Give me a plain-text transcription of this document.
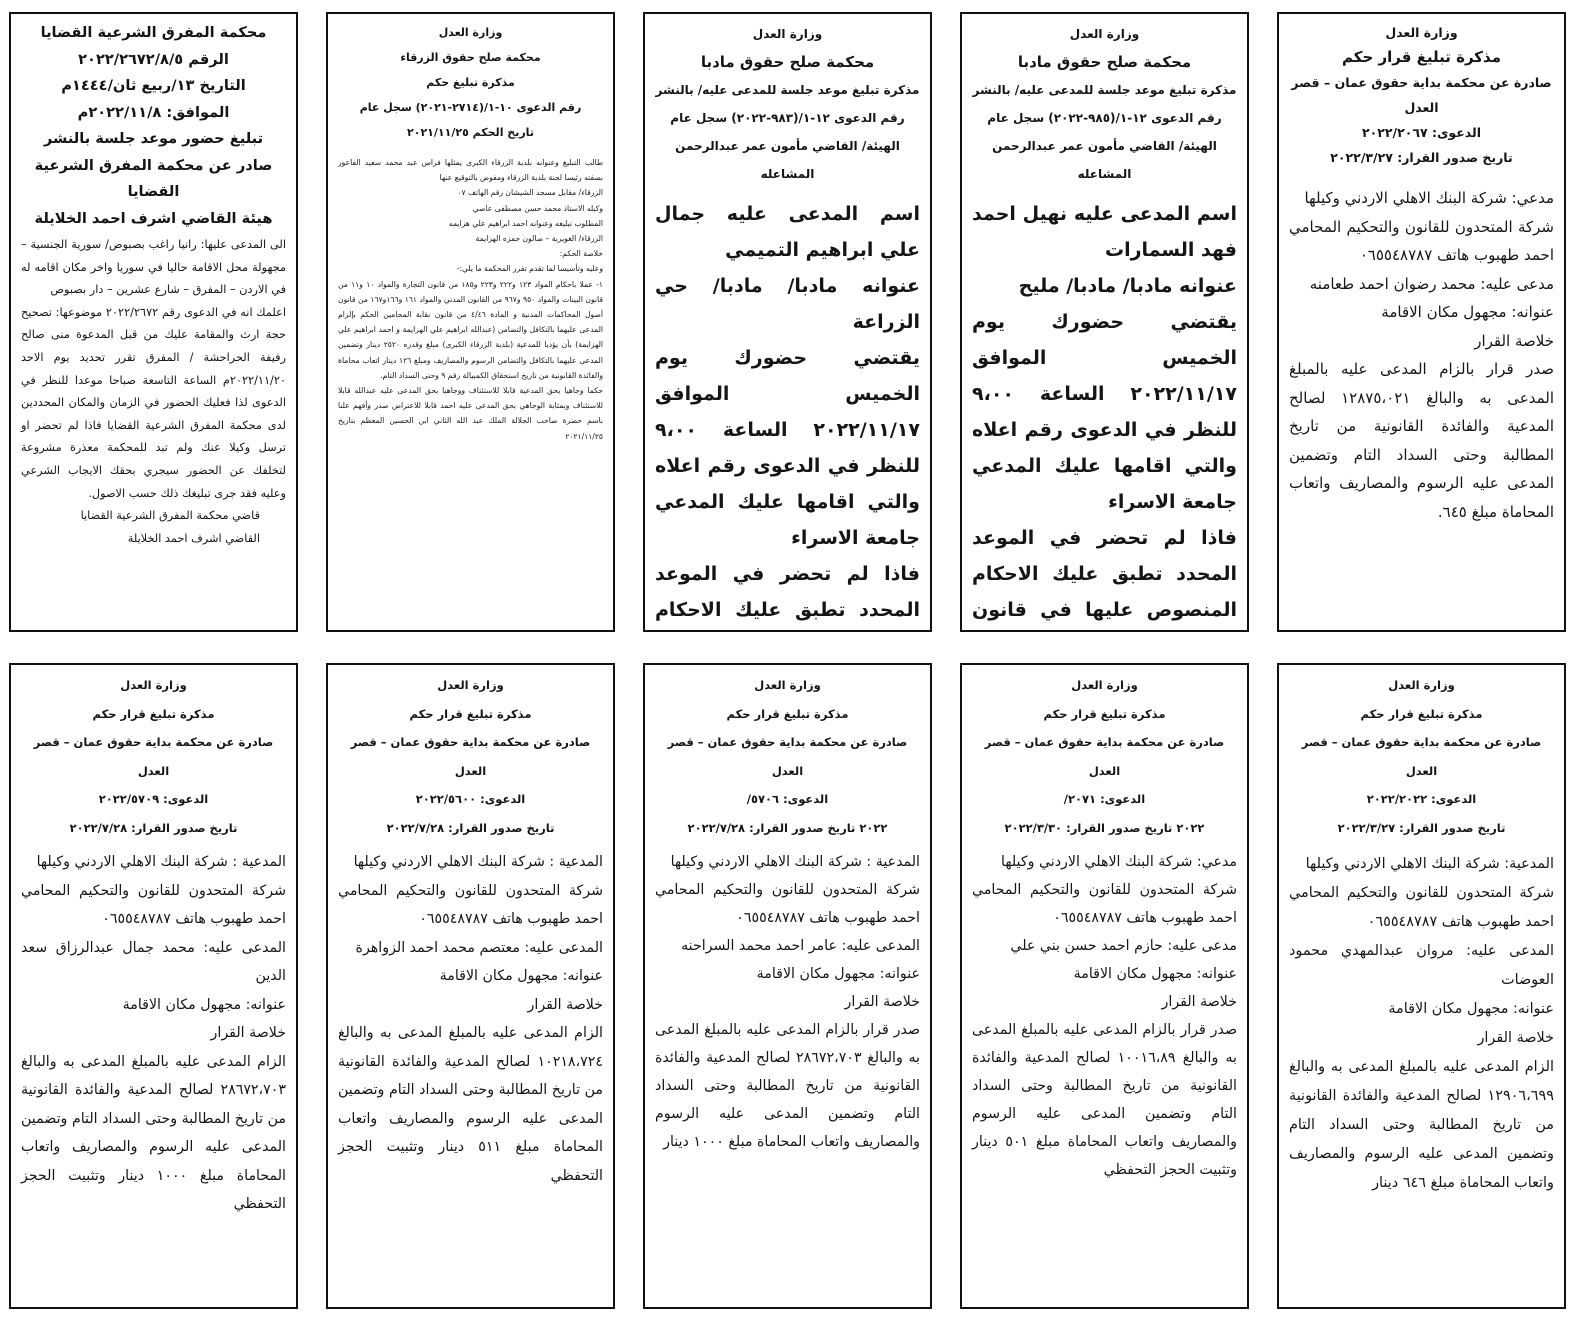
وزارة العدل

مذكرة تبليغ قرار حكم

صادرة عن محكمة بداية حقوق عمان – قصر العدل

الدعوى: ٢٠٢٢/٢٠٦٧

تاريخ صدور القرار: ٢٠٢٢/٣/٢٧

مدعي: شركة البنك الاهلي الاردني وكيلها

شركة المتحدون للقانون والتحكيم المحامي احمد طهبوب هاتف ٠٦٥٥٤٨٧٨٧

مدعى عليه: محمد رضوان احمد طعامنه

عنوانه: مجهول مكان الاقامة

خلاصة القرار

صدر قرار بالزام المدعى عليه بالمبلغ المدعى به والبالغ ١٢٨٧٥،٠٢١ لصالح المدعية والفائدة القانونية من تاريخ المطالبة وحتى السداد التام وتضمين المدعى عليه الرسوم والمصاريف واتعاب المحاماة مبلغ ٦٤٥.

وزارة العدل

محكمة صلح حقوق مادبا

مذكرة تبليغ موعد جلسة للمدعى عليه/ بالنشر

رقم الدعوى ١٢-١/(٩٨٥-٢٠٢٢) سجل عام

الهيئة/ القاضي مأمون عمر عبدالرحمن المشاعله

اسم المدعى عليه نهيل احمد فهد السمارات

عنوانه مادبا/ مادبا/ مليح

يقتضي حضورك يوم الخميس الموافق ٢٠٢٢/١١/١٧ الساعة ٩،٠٠ للنظر في الدعوى رقم اعلاه والتي اقامها عليك المدعي جامعة الاسراء

فاذا لم تحضر في الموعد المحدد تطبق عليك الاحكام المنصوص عليها في قانون

وزارة العدل

محكمة صلح حقوق مادبا

مذكرة تبليغ موعد جلسة للمدعى عليه/ بالنشر

رقم الدعوى ١٢-١/(٩٨٣-٢٠٢٢) سجل عام

الهيئة/ القاضي مأمون عمر عبدالرحمن المشاعله

اسم المدعى عليه جمال علي ابراهيم التميمي

عنوانه مادبا/ مادبا/ حي الزراعة

يقتضي حضورك يوم الخميس الموافق ٢٠٢٢/١١/١٧ الساعة ٩،٠٠ للنظر في الدعوى رقم اعلاه والتي اقامها عليك المدعي جامعة الاسراء

فاذا لم تحضر في الموعد المحدد تطبق عليك الاحكام

وزارة العدل

محكمة صلح حقوق الزرقاء

مذكرة تبليغ حكم

رقم الدعوى ١٠-١/(٢٧١٤-٢٠٢١) سجل عام

تاريخ الحكم ٢٠٢١/١١/٢٥

طالب التبليغ وعنوانه بلدية الزرقاء الكبرى يمثلها فراس عبد محمد سعيد الفاعور بصفته رئيسا لجنة بلدية الزرقاء ومفوض بالتوقيع عنها

الزرقاء/ مقابل مسجد الشيشان رقم الهاتف ٠٧

وكيله الاستاذ محمد حسن مصطفى عاصي

المطلوب تبليغه وعنوانه احمد ابراهيم علي هزايمه

الزرقاء/ الغويرية – صالون حمزه الهزايمة

خلاصة الحكم:

وعليه وتأسيسا لما تقدم تقرر المحكمة ما يلي:-

١- عملا باحكام المواد ١٢٣ و٢٢٢ و٢٢٣ و١٨٥ من قانون التجارة والمواد ١٠ و١١ من قانون البينات والمواد ٩٥٠ و٩٦٧ من القانون المدني والمواد ١٦١ و١٦٦و١٦٧ من قانون أصول المحاكمات المدنية و المادة ٤/٤٦ من قانون نقابة المحامين الحكم بإلزام المدعى عليهما بالتكافل والتضامن (عبدالله ابراهيم علي الهزايمة و احمد ابراهيم علي الهزايمة) بأن يؤديا للمدعية (بلدية الزرقاء الكبرى) مبلغ وقدره ٢٥٢٠ دينار وتضمين المدعى عليهما بالتكافل والتضامن الرسوم والمصاريف ومبلغ ١٢٦ دينار اتعاب محاماة والفائدة القانونية من تاريخ استحقاق الكمبيالة رقم ٩ وحتى السداد التام.

حكما وجاهيا بحق المدعية قابلا للاستئناف ووجاهيا بحق المدعى عليه عبدالله قابلا للاستئناف وبمثابة الوجاهي بحق المدعى عليه احمد قابلا للاعتراض صدر وأفهم علنا باسم حضرة صاحب الجلالة الملك عبد الله الثاني ابن الحسين المعظم بتاريخ ٢٠٢١/١١/٢٥

محكمة المفرق الشرعية القضايا

الرقم ٢٠٢٢/٢٦٧٢/٨/٥

التاريخ ١٣/ربيع ثان/١٤٤٤م

الموافق: ٢٠٢٢/١١/٨م

تبليغ حضور موعد جلسة بالنشر

صادر عن محكمة المفرق الشرعية القضايا

هيئة القاضي اشرف احمد الخلايلة

الى المدعى عليها: رانيا راغب بصبوص/ سورية الجنسية – مجهولة محل الاقامة حاليا في سوريا واخر مكان اقامه له في الاردن – المفرق – شارع عشرين – دار بصبوص

اعلمك انه في الدعوى رقم ٢٠٢٢/٢٦٧٢ موضوعها: تصحيح حجة ارث والمقامة عليك من قبل المدعوة منى صالح رفيفة الحراحشة / المفرق تقرر تحديد يوم الاحد ٢٠٢٢/١١/٢٠م الساعة التاسعة صباحا موعدا للنظر في الدعوى لذا فعليك الحضور في الزمان والمكان المحددين لدى محكمة المفرق الشرعية القضايا فاذا لم تحضر او ترسل وكيلا عنك ولم تبد للمحكمة معذرة مشروعة لتخلفك عن الحضور سيجري بحقك الايجاب الشرعي وعليه فقد جرى تبليغك ذلك حسب الاصول.

قاضي محكمة المفرق الشرعية القضايا

القاضي اشرف احمد الخلايلة

وزارة العدل

مذكرة تبليغ قرار حكم

صادرة عن محكمة بداية حقوق عمان – قصر العدل

الدعوى: ٢٠٢٢/٢٠٢٢

تاريخ صدور القرار: ٢٠٢٢/٣/٢٧

المدعية: شركة البنك الاهلي الاردني وكيلها

شركة المتحدون للقانون والتحكيم المحامي احمد طهبوب هاتف ٠٦٥٥٤٨٧٨٧

المدعى عليه: مروان عبدالمهدي محمود العوضات

عنوانه: مجهول مكان الاقامة

خلاصة القرار

الزام المدعى عليه بالمبلغ المدعى به والبالغ ١٢٩٠٦،٦٩٩ لصالح المدعية والفائدة القانونية من تاريخ المطالبة وحتى السداد التام وتضمين المدعى عليه الرسوم والمصاريف واتعاب المحاماة مبلغ ٦٤٦ دينار

وزارة العدل

مذكرة تبليغ قرار حكم

صادرة عن محكمة بداية حقوق عمان – قصر العدل

الدعوى: ٢٠٧١/

٢٠٢٢ تاريخ صدور القرار: ٢٠٢٢/٣/٣٠

مدعي: شركة البنك الاهلي الاردني وكيلها

شركة المتحدون للقانون والتحكيم المحامي احمد طهبوب هاتف ٠٦٥٥٤٨٧٨٧

مدعى عليه: حازم احمد حسن بني علي

عنوانه: مجهول مكان الاقامة

خلاصة القرار

صدر قرار بالزام المدعى عليه بالمبلغ المدعى به والبالغ ١٠٠١٦،٨٩ لصالح المدعية والفائدة القانونية من تاريخ المطالبة وحتى السداد التام وتضمين المدعى عليه الرسوم والمصاريف واتعاب المحاماة مبلغ ٥٠١ دينار وتثبيت الحجز التحفظي

وزارة العدل

مذكرة تبليغ قرار حكم

صادرة عن محكمة بداية حقوق عمان – قصر العدل

الدعوى: ٥٧٠٦/

٢٠٢٢ تاريخ صدور القرار: ٢٠٢٢/٧/٢٨

المدعية : شركة البنك الاهلي الاردني وكيلها

شركة المتحدون للقانون والتحكيم المحامي احمد طهبوب هاتف ٠٦٥٥٤٨٧٨٧

المدعى عليه: عامر احمد محمد السراحنه

عنوانه: مجهول مكان الاقامة

خلاصة القرار

صدر قرار بالزام المدعى عليه بالمبلغ المدعى به والبالغ ٢٨٦٧٢،٧٠٣ لصالح المدعية والفائدة القانونية من تاريخ المطالبة وحتى السداد التام وتضمين المدعى عليه الرسوم والمصاريف واتعاب المحاماة مبلغ ١٠٠٠ دينار

وزارة العدل

مذكرة تبليغ قرار حكم

صادرة عن محكمة بداية حقوق عمان – قصر العدل

الدعوى: ٢٠٢٢/٥٦٠٠

تاريخ صدور القرار: ٢٠٢٢/٧/٢٨

المدعية : شركة البنك الاهلي الاردني وكيلها

شركة المتحدون للقانون والتحكيم المحامي احمد طهبوب هاتف ٠٦٥٥٤٨٧٨٧

المدعى عليه: معتصم محمد احمد الزواهرة

عنوانه: مجهول مكان الاقامة

خلاصة القرار

الزام المدعى عليه بالمبلغ المدعى به والبالغ ١٠٢١٨،٧٢٤ لصالح المدعية والفائدة القانونية من تاريخ المطالبة وحتى السداد التام وتضمين المدعى عليه الرسوم والمصاريف واتعاب المحاماة مبلغ ٥١١ دينار وتثبيت الحجز التحفظي

وزارة العدل

مذكرة تبليغ قرار حكم

صادرة عن محكمة بداية حقوق عمان – قصر العدل

الدعوى: ٢٠٢٢/٥٧٠٩

تاريخ صدور القرار: ٢٠٢٢/٧/٢٨

المدعية : شركة البنك الاهلي الاردني وكيلها

شركة المتحدون للقانون والتحكيم المحامي احمد طهبوب هاتف ٠٦٥٥٤٨٧٨٧

المدعى عليه: محمد جمال عبدالرزاق سعد الدين

عنوانه: مجهول مكان الاقامة

خلاصة القرار

الزام المدعى عليه بالمبلغ المدعى به والبالغ ٢٨٦٧٢،٧٠٣ لصالح المدعية والفائدة القانونية من تاريخ المطالبة وحتى السداد التام وتضمين المدعى عليه الرسوم والمصاريف واتعاب المحاماة مبلغ ١٠٠٠ دينار وتثبيت الحجز التحفظي
